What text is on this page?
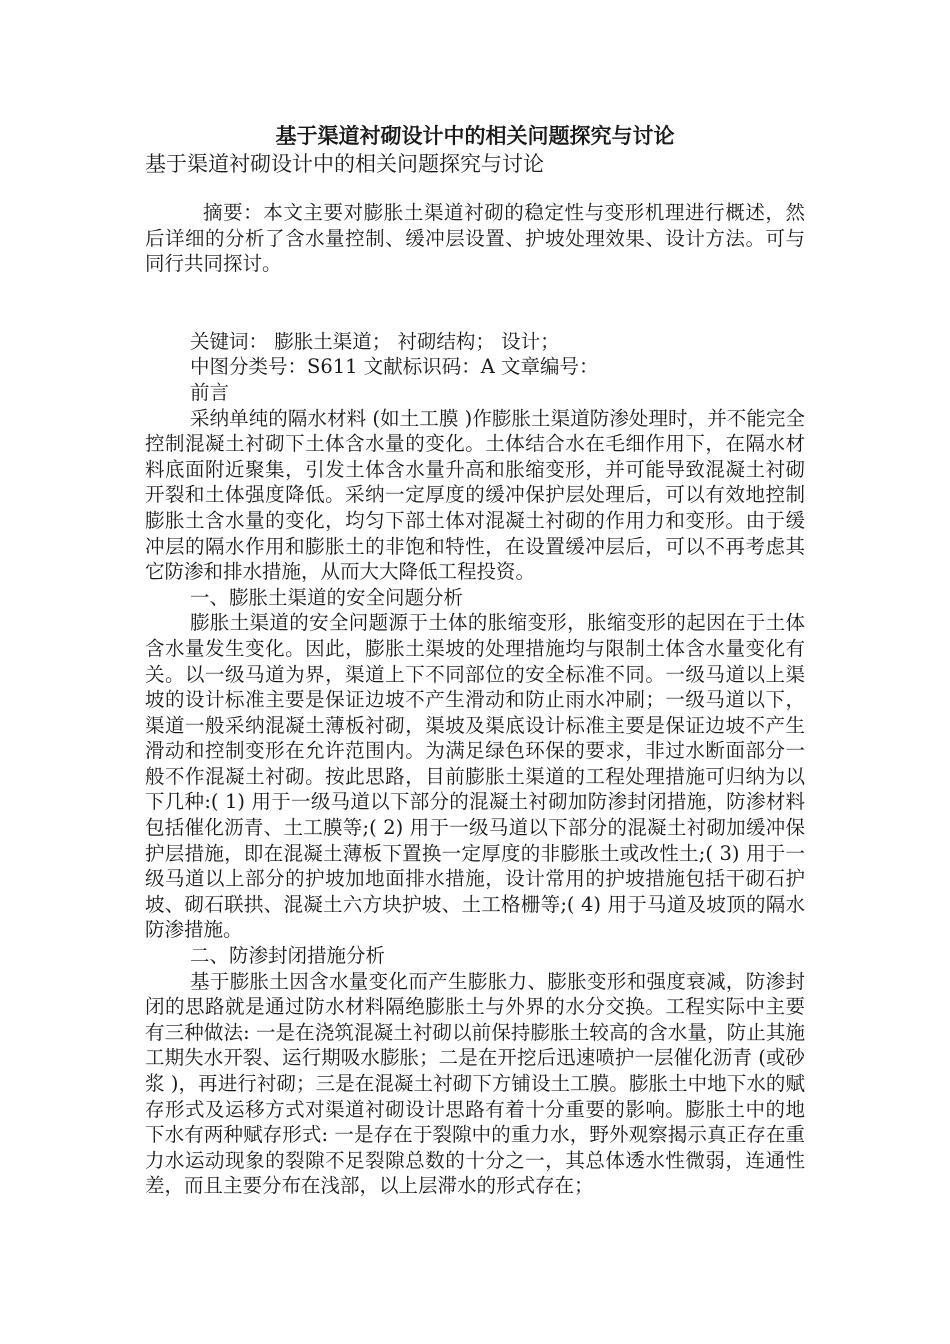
基于渠道衬砌设计中的相关问题探究与讨论
基于渠道衬砌设计中的相关问题探究与讨论

摘要：本文主要对膨胀土渠道衬砌的稳定性与变形机理进行概述，然后详细的分析了含水量控制、缓冲层设置、护坡处理效果、设计方法。可与同行共同探讨。

关键词： 膨胀土渠道； 衬砌结构； 设计；

中图分类号：S611 文献标识码：A 文章编号：

前言

采纳单纯的隔水材料 (如土工膜 )作膨胀土渠道防渗处理时，并不能完全控制混凝土衬砌下土体含水量的变化。土体结合水在毛细作用下，在隔水材料底面附近聚集，引发土体含水量升高和胀缩变形，并可能导致混凝土衬砌开裂和土体强度降低。采纳一定厚度的缓冲保护层处理后，可以有效地控制膨胀土含水量的变化，均匀下部土体对混凝土衬砌的作用力和变形。由于缓冲层的隔水作用和膨胀土的非饱和特性，在设置缓冲层后，可以不再考虑其它防渗和排水措施，从而大大降低工程投资。

一、膨胀土渠道的安全问题分析

膨胀土渠道的安全问题源于土体的胀缩变形，胀缩变形的起因在于土体含水量发生变化。因此，膨胀土渠坡的处理措施均与限制土体含水量变化有关。以一级马道为界，渠道上下不同部位的安全标准不同。一级马道以上渠坡的设计标准主要是保证边坡不产生滑动和防止雨水冲刷；一级马道以下，渠道一般采纳混凝土薄板衬砌，渠坡及渠底设计标准主要是保证边坡不产生滑动和控制变形在允许范围内。为满足绿色环保的要求，非过水断面部分一般不作混凝土衬砌。按此思路，目前膨胀土渠道的工程处理措施可归纳为以下几种:( 1) 用于一级马道以下部分的混凝土衬砌加防渗封闭措施，防渗材料包括催化沥青、土工膜等;( 2) 用于一级马道以下部分的混凝土衬砌加缓冲保护层措施，即在混凝土薄板下置换一定厚度的非膨胀土或改性土;( 3) 用于一级马道以上部分的护坡加地面排水措施，设计常用的护坡措施包括干砌石护坡、砌石联拱、混凝土六方块护坡、土工格栅等;( 4) 用于马道及坡顶的隔水防渗措施。

二、防渗封闭措施分析

基于膨胀土因含水量变化而产生膨胀力、膨胀变形和强度衰减，防渗封闭的思路就是通过防水材料隔绝膨胀土与外界的水分交换。工程实际中主要有三种做法: 一是在浇筑混凝土衬砌以前保持膨胀土较高的含水量，防止其施工期失水开裂、运行期吸水膨胀；二是在开挖后迅速喷护一层催化沥青 (或砂浆 )，再进行衬砌；三是在混凝土衬砌下方铺设土工膜。膨胀土中地下水的赋存形式及运移方式对渠道衬砌设计思路有着十分重要的影响。膨胀土中的地下水有两种赋存形式: 一是存在于裂隙中的重力水，野外观察揭示真正存在重力水运动现象的裂隙不足裂隙总数的十分之一，其总体透水性微弱，连通性差，而且主要分布在浅部，以上层滞水的形式存在；
